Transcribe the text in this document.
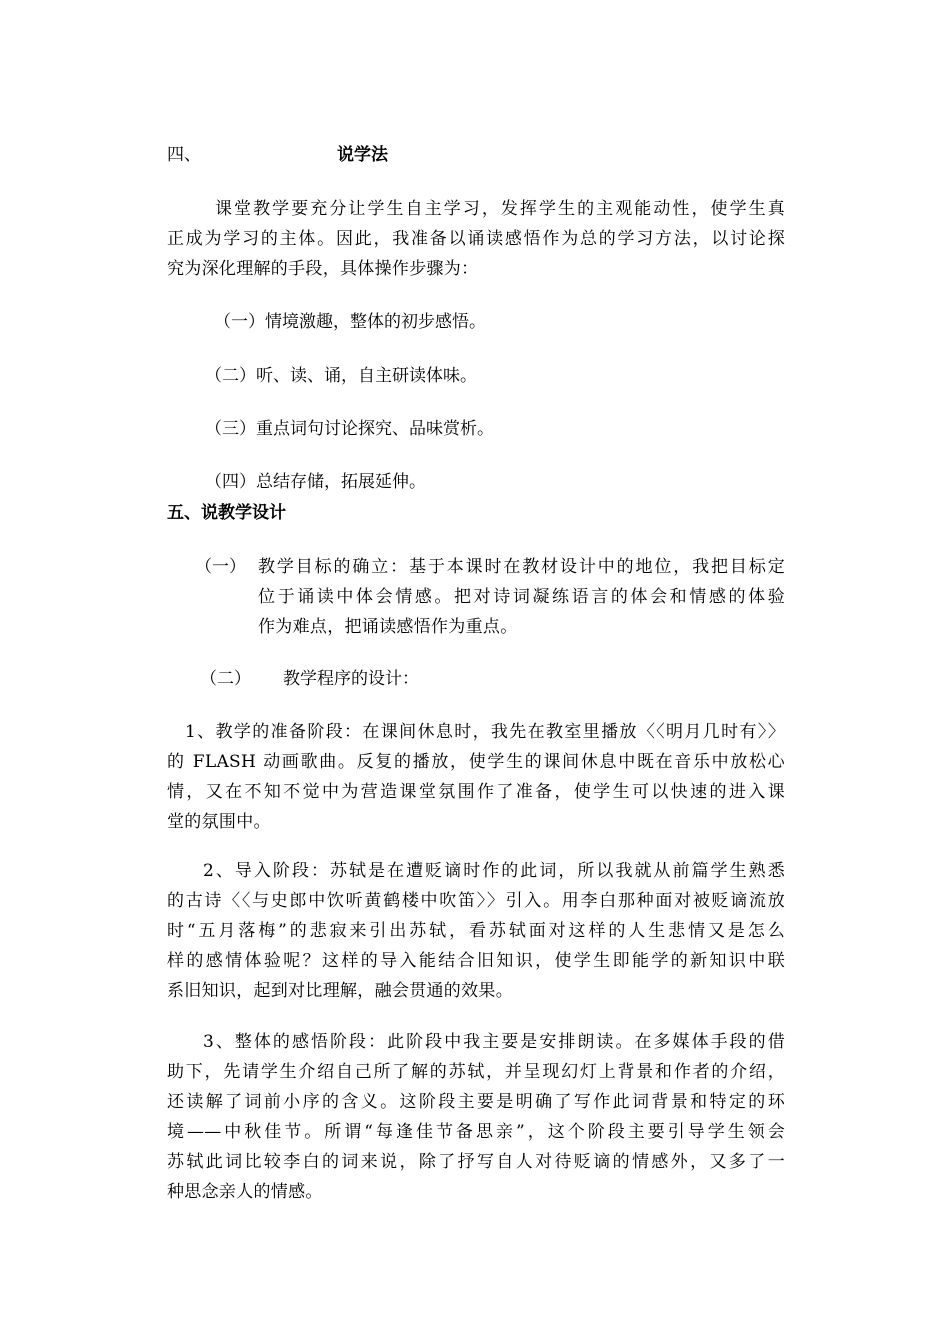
四、	说学法
课堂教学要充分让学生自主学习，发挥学生的主观能动性，使学生真
正成为学习的主体。因此，我准备以诵读感悟作为总的学习方法，以讨论探
究为深化理解的手段，具体操作步骤为：
（一）情境激趣，整体的初步感悟。
（二）听、读、诵，自主研读体味。
（三）重点词句讨论探究、品味赏析。
（四）总结存储，拓展延伸。
五、说教学设计
（一） 教学目标的确立：基于本课时在教材设计中的地位，我把目标定
位于诵读中体会情感。把对诗词凝练语言的体会和情感的体验
作为难点，把诵读感悟作为重点。
（二） 教学程序的设计：
1、教学的准备阶段：在课间休息时，我先在教室里播放〈〈明月几时有〉〉
的 FLASH 动画歌曲。反复的播放，使学生的课间休息中既在音乐中放松心
情，又在不知不觉中为营造课堂氛围作了准备，使学生可以快速的进入课
堂的氛围中。
2、导入阶段：苏轼是在遭贬谪时作的此词，所以我就从前篇学生熟悉
的古诗〈〈与史郎中饮听黄鹤楼中吹笛〉〉引入。用李白那种面对被贬谪流放
时“五月落梅”的悲寂来引出苏轼，看苏轼面对这样的人生悲情又是怎么
样的感情体验呢？这样的导入能结合旧知识，使学生即能学的新知识中联
系旧知识，起到对比理解，融会贯通的效果。
3、整体的感悟阶段：此阶段中我主要是安排朗读。在多媒体手段的借
助下，先请学生介绍自己所了解的苏轼，并呈现幻灯上背景和作者的介绍，
还读解了词前小序的含义。这阶段主要是明确了写作此词背景和特定的环
境——中秋佳节。所谓“每逢佳节备思亲”，这个阶段主要引导学生领会
苏轼此词比较李白的词来说，除了抒写自人对待贬谪的情感外，又多了一
种思念亲人的情感。
